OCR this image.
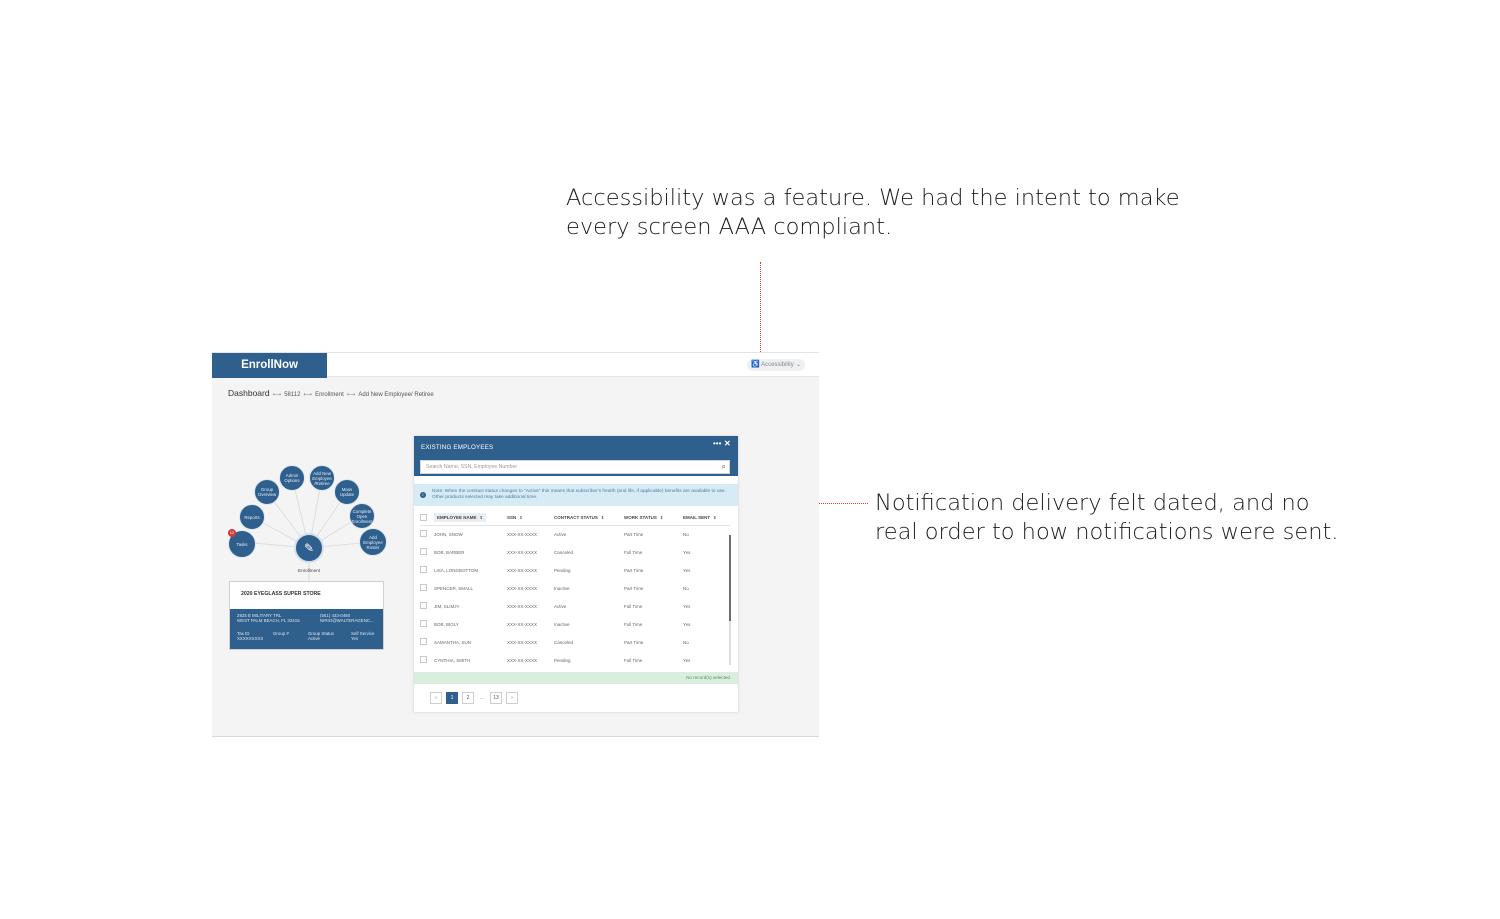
Accessibility was a feature. We had the intent to make every screen AAA compliant.
Notification delivery felt dated, and no real order to how notifications were sent.
EnrollNow	♿ Accessibility ⌄
Dashboard ⟷ 58112 ⟷ Enrollment ⟷ Add New Employee/ Retiree
Tasks
12
Reports
Group Overview
Admin Options
Add New Employee /Retiree
Mass Update
Complete Open Enrollment
Add Employee Roster
✎
Enrollment
2020 EYEGLASS SUPER STORE
2925 E MILITARY TRL
WEST PALM BEACH, FL 33415
(561) 433-0460
NIRIO@WALTERAGENC...
Tax ID
XXXXXXXXX
Group #	Group Status
Active
Self Service
Yes
EXISTING EMPLOYEES	••• ✕
Search Name, SSN, Employee Number	⌕
i
Note: When the contract status changes to "Active" this means that subscriber's health (and life, if applicable) benefits are available to use. Other products selected may take additional time.
	EMPLOYEE NAME ⬍	SSN ⬍	CONTRACT STATUS ⬍	WORK STATUS ⬍	EMAIL SENT ⬍
	JOHN, SNOW	XXX-XX-XXXX	Active	Part Time	No
	BOB, BARBER	XXX-XX-XXXX	Canceled	Full Time	Yes
	LISA, LONGBOTTOM	XXX-XX-XXXX	Pending	Part Time	Yes
	SPENCER, SMALL	XXX-XX-XXXX	Inactive	Part Time	No
	JIM, SLIMJY	XXX-XX-XXXX	Active	Full Time	Yes
	BOB, BIGLY	XXX-XX-XXXX	Inactive	Full Time	Yes
	SAMANTHA, SUN	XXX-XX-XXXX	Canceled	Part Time	No
	CYNTHIA, SMITH	XXX-XX-XXXX	Pending	Full Time	Yes
No record(s) selected
‹	1	2	...	13	›
